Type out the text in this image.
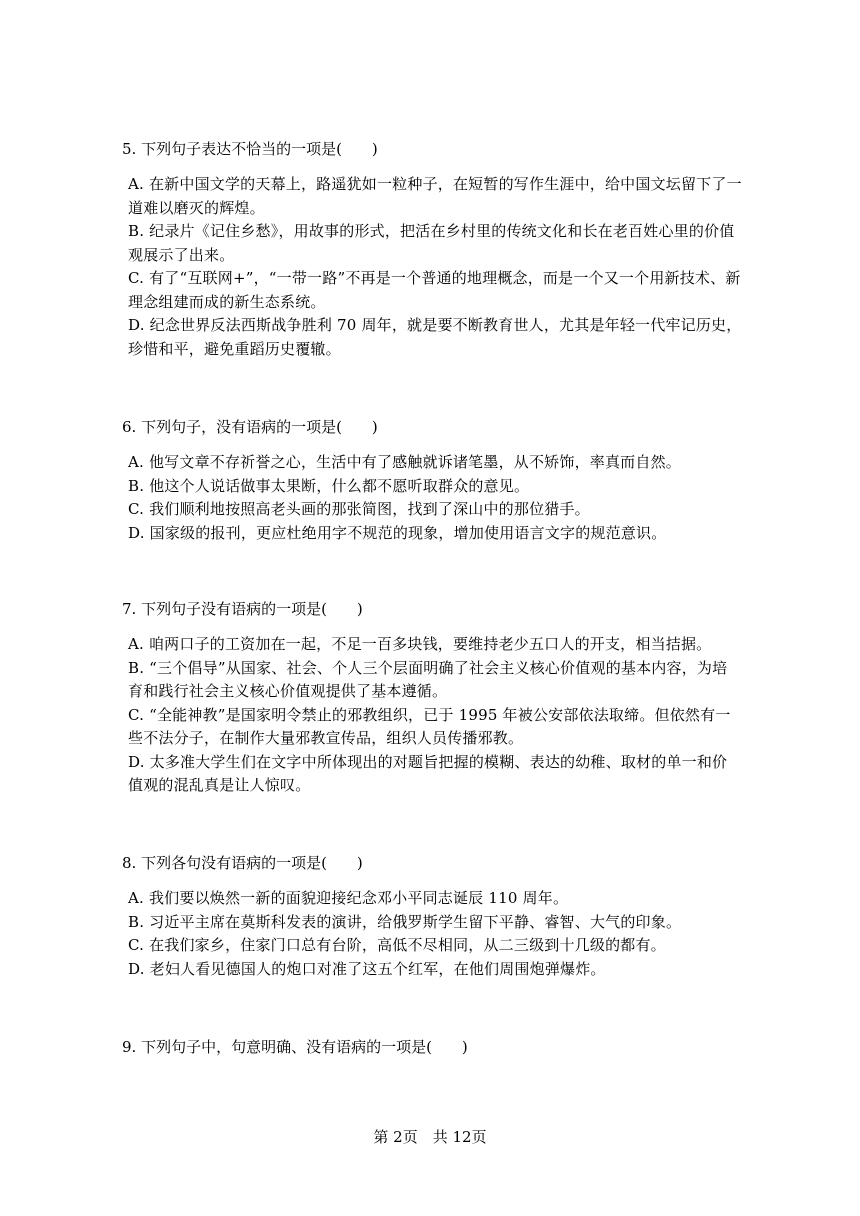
5. 下列句子表达不恰当的一项是(　　)

A. 在新中国文学的天幕上，路遥犹如一粒种子，在短暂的写作生涯中，给中国文坛留下了一道难以磨灭的辉煌。

B. 纪录片《记住乡愁》，用故事的形式，把活在乡村里的传统文化和长在老百姓心里的价值观展示了出来。

C. 有了“互联网+”，“一带一路”不再是一个普通的地理概念，而是一个又一个用新技术、新理念组建而成的新生态系统。

D. 纪念世界反法西斯战争胜利 70 周年，就是要不断教育世人，尤其是年轻一代牢记历史，珍惜和平，避免重蹈历史覆辙。

6. 下列句子，没有语病的一项是(　　)

A. 他写文章不存祈誉之心，生活中有了感触就诉诸笔墨，从不矫饰，率真而自然。

B. 他这个人说话做事太果断，什么都不愿听取群众的意见。

C. 我们顺利地按照高老头画的那张简图，找到了深山中的那位猎手。

D. 国家级的报刊，更应杜绝用字不规范的现象，增加使用语言文字的规范意识。

7. 下列句子没有语病的一项是(　　)

A. 咱两口子的工资加在一起，不足一百多块钱，要维持老少五口人的开支，相当拮据。

B. “三个倡导”从国家、社会、个人三个层面明确了社会主义核心价值观的基本内容，为培育和践行社会主义核心价值观提供了基本遵循。

C. “全能神教”是国家明令禁止的邪教组织，已于 1995 年被公安部依法取缔。但依然有一些不法分子，在制作大量邪教宣传品，组织人员传播邪教。

D. 太多准大学生们在文字中所体现出的对题旨把握的模糊、表达的幼稚、取材的单一和价值观的混乱真是让人惊叹。

8. 下列各句没有语病的一项是(　　)

A. 我们要以焕然一新的面貌迎接纪念邓小平同志诞辰 110 周年。

B. 习近平主席在莫斯科发表的演讲，给俄罗斯学生留下平静、睿智、大气的印象。

C. 在我们家乡，住家门口总有台阶，高低不尽相同，从二三级到十几级的都有。

D. 老妇人看见德国人的炮口对准了这五个红军，在他们周围炮弹爆炸。

9. 下列句子中，句意明确、没有语病的一项是(　　)

第 2页　共 12页
